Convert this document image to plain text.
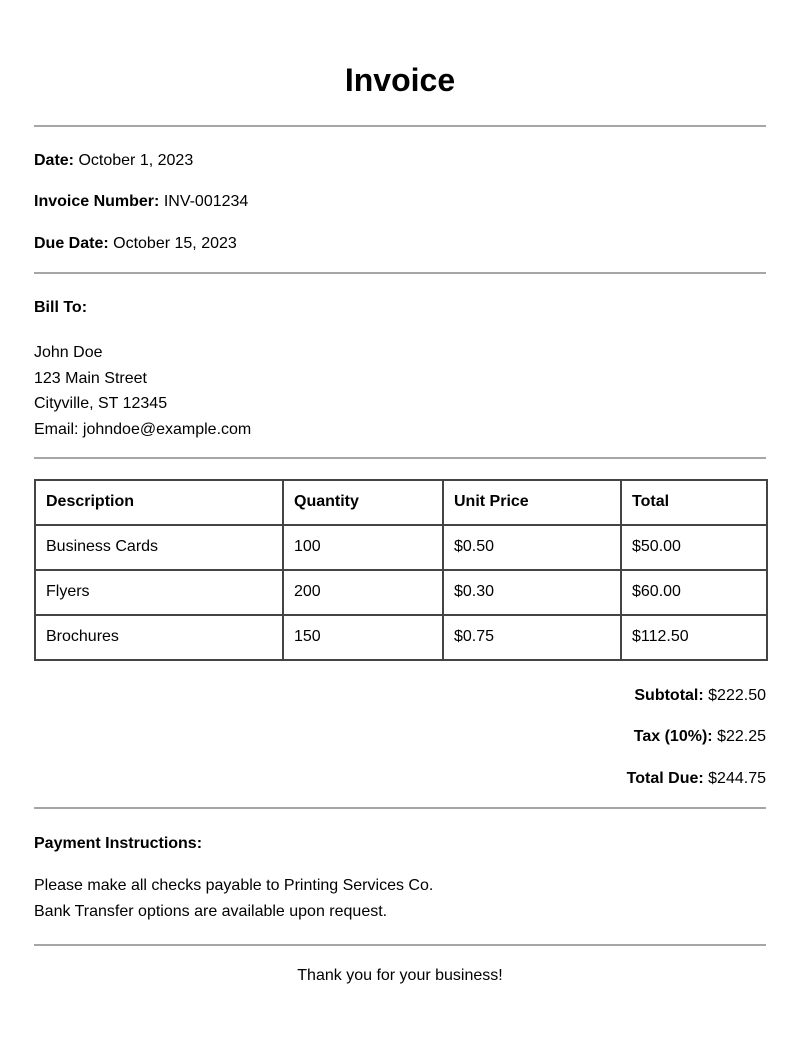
Invoice
Date: October 1, 2023
Invoice Number: INV-001234
Due Date: October 15, 2023
Bill To:
John Doe
123 Main Street
Cityville, ST 12345
Email: johndoe@example.com
Description	Quantity	Unit Price	Total
Business Cards	100	$0.50	$50.00
Flyers	200	$0.30	$60.00
Brochures	150	$0.75	$112.50
Subtotal: $222.50
Tax (10%): $22.25
Total Due: $244.75
Payment Instructions:
Please make all checks payable to Printing Services Co.
Bank Transfer options are available upon request.
Thank you for your business!
